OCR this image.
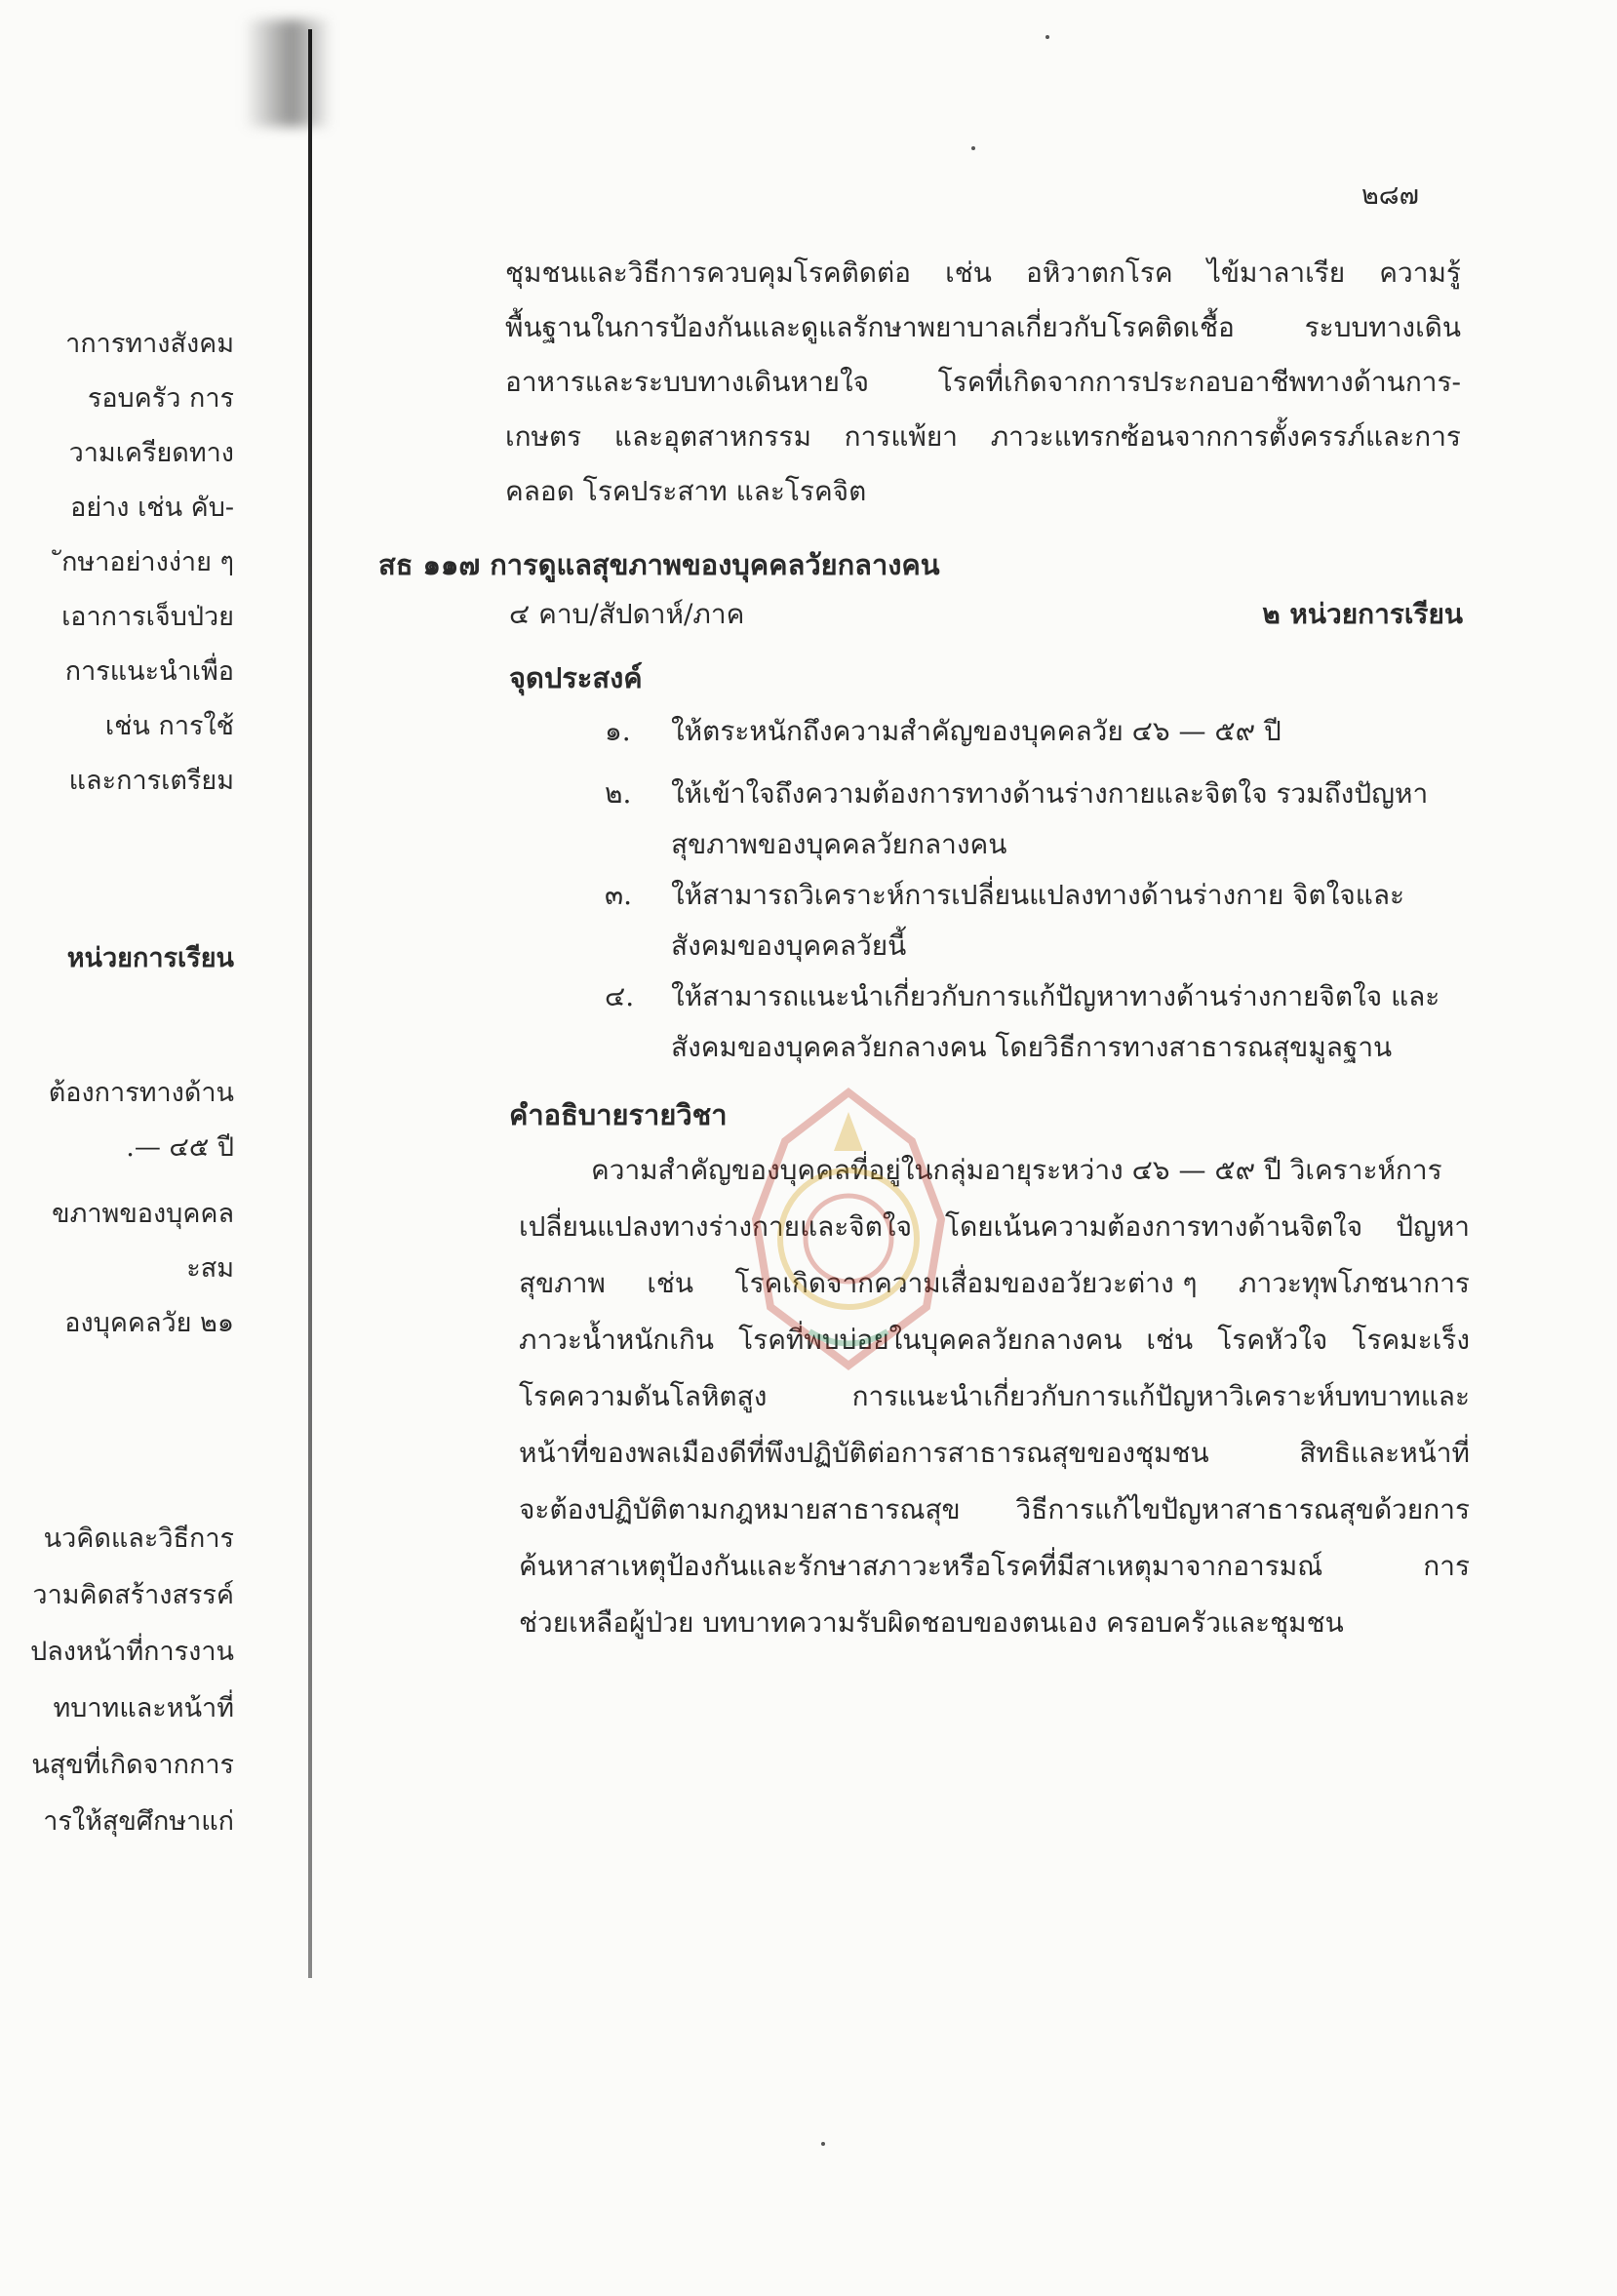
าการทางสังคม
รอบครัว การ
วามเครียดทาง
อย่าง เช่น คับ-
ักษาอย่างง่าย ๆ
เอาการเจ็บป่วย
การแนะนำเพื่อ
เช่น การใช้
และการเตรียม
หน่วยการเรียน
ต้องการทางด้าน
.— ๔๕ ปี
ขภาพของบุคคล
ะสม
องบุคคลวัย ๒๑
นวคิดและวิธีการ
วามคิดสร้างสรรค์
ปลงหน้าที่การงาน
ทบาทและหน้าที่
นสุขที่เกิดจากการ
ารให้สุขศึกษาแก่
๒๘๗
ชุมชนและวิธีการควบคุมโรคติดต่อ เช่น อหิวาตกโรค ไข้มาลาเรีย ความรู้
พื้นฐานในการป้องกันและดูแลรักษาพยาบาลเกี่ยวกับโรคติดเชื้อ	ระบบทางเดิน
อาหารและระบบทางเดินหายใจ	โรคที่เกิดจากการประกอบอาชีพทางด้านการ-
เกษตร และอุตสาหกรรม การแพ้ยา ภาวะแทรกซ้อนจากการตั้งครรภ์และการ
คลอด โรคประสาท และโรคจิต
สธ ๑๑๗ การดูแลสุขภาพของบุคคลวัยกลางคน
๔ คาบ/สัปดาห์/ภาค	๒ หน่วยการเรียน
จุดประสงค์
๑. ให้ตระหนักถึงความสำคัญของบุคคลวัย ๔๖ — ๕๙ ปี
๒. ให้เข้าใจถึงความต้องการทางด้านร่างกายและจิตใจ รวมถึงปัญหา
สุขภาพของบุคคลวัยกลางคน
๓. ให้สามารถวิเคราะห์การเปลี่ยนแปลงทางด้านร่างกาย จิตใจและ
สังคมของบุคคลวัยนี้
๔. ให้สามารถแนะนำเกี่ยวกับการแก้ปัญหาทางด้านร่างกายจิตใจ และ
สังคมของบุคคลวัยกลางคน โดยวิธีการทางสาธารณสุขมูลฐาน
คำอธิบายรายวิชา
ความสำคัญของบุคคลที่อยู่ในกลุ่มอายุระหว่าง ๔๖ — ๕๙ ปี วิเคราะห์การ
เปลี่ยนแปลงทางร่างกายและจิตใจ โดยเน้นความต้องการทางด้านจิตใจ ปัญหา
สุขภาพ เช่น โรคเกิดจากความเสื่อมของอวัยวะต่าง ๆ ภาวะทุพโภชนาการ
ภาวะน้ำหนักเกิน โรคที่พบบ่อยในบุคคลวัยกลางคน เช่น โรคหัวใจ โรคมะเร็ง
โรคความดันโลหิตสูง	การแนะนำเกี่ยวกับการแก้ปัญหาวิเคราะห์บทบาทและ
หน้าที่ของพลเมืองดีที่พึงปฏิบัติต่อการสาธารณสุขของชุมชน	สิทธิและหน้าที่
จะต้องปฏิบัติตามกฎหมายสาธารณสุข วิธีการแก้ไขปัญหาสาธารณสุขด้วยการ
ค้นหาสาเหตุป้องกันและรักษาสภาวะหรือโรคที่มีสาเหตุมาจากอารมณ์	การ
ช่วยเหลือผู้ป่วย บทบาทความรับผิดชอบของตนเอง ครอบครัวและชุมชน
